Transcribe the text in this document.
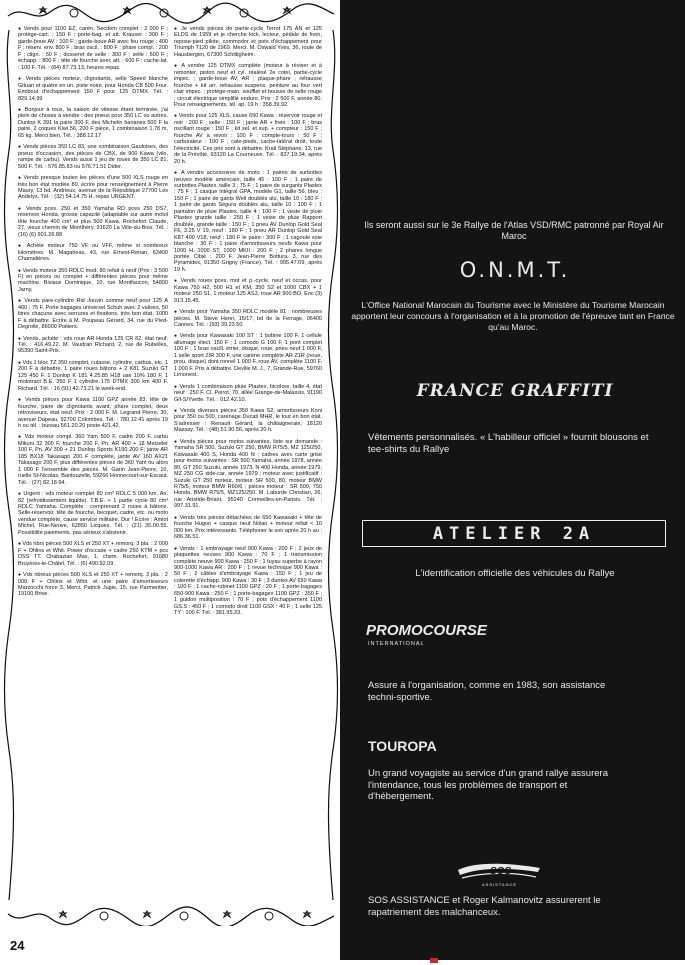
● Vends pour 1100 EZ, carén. Secdem complet : 2 000 F ; protège-cart. : 150 F ; porte-bag. et att. Krauser : 300 F ; garde-boue AV : 100 F ; garde-boue AR avec feu rouge : 400 F ; réserv. env. 800 F ; bras oscil. : 800 F ; phare compl. : 200 F ; clign. : 50 F ; dosseret de selle : 300 F ; selle : 500 F ; échapp. : 800 F ; tête de fourche avec att. : 600 F ; cache-lat. : 100 F. Tél. : (84) 87.73.13, heures repas.

● Vends pièces moteur, clignotants, selle Speed blanche Gituan et quatre en un, piste noire, pour Honda CB 500 Four. Emibout d'échappement 150 F pour 125 DTMX. Tél. : 829.14.99

● Bonjour à tous, la saison de vitesse étant terminée, j'ai plein de choses à vendre : des pneus pour 350 LC ou autres. Dunlop K 391 la paire 300 F, des Michelin bananes 500 F la paire, 2 coques Kiwi 56, 200 F pièce, 1 combinaison 1,78 m, 65 kg. Merci bien. Tél. : 388.12.17

● Vends pièces 350 LC 83, une combinaison Gauloises, des pneus d'occasion, des pièces de CBX, de 900 Kawa (vilo, rampe de carbu). Vends aussi 1 jeu de roues de 350 LC 81, 500 F. Tél. : 576.85.83 ou 576.71.51 Dider.

● Vends presque toutes les pièces d'une 500 XLS rouge en très bon état modèle 80, écrire pour renseignement à Pierre Maury, 13 bd. Andrieux, avenue de la République 27700 Les Andelys. Tél. : (32) 54.14.75 H. repas URGENT.

● Vends pces. 250 et 350 Yamaha RD pces 250 DS7, réservoir Honda, grosse capacité (adaptable sur autre motol tête fourche 400 cm³ et plus 500 Kawa. Rochefort Claude, 27, vieux chemin de Montlhéry, 91620 La Ville-du-Bois. Tél. : (16) (6) 901.26.88

● Achète moteur 750 VF ou VFF, même si nombreux kilomètres. M. Magaheas, 43, rue Ernest-Renan, 63400 Chamalières.

● Vends moteur 350 RDLC mod. 80 refait à neuf (Prix : 3 500 F) en pièces ou complet + différentes pièces pour même machine. Bisiaux Dominique, 10, rue Montfaucon, 54800 Jarny.

● Vends pare-cylindre Rid Jouvin comme neuf pour 125 A 400 : 75 F. Porte bagages universel Schuh avec 2 valises, 50 litres chacune avec serrures et fixations, très bon état, 1000 F à débattre. Ecrire à M. Poupeau Gérard, 34, rue du Pied-Degrolle, 86000 Poitiers.

● Vends, achète : vds roue AR Honda 125 CR 82, état neuf. Tél. : 416.49.22. M. Vaudran Richard, 2, rue de Rubelles, 95390 Saint-Prix.

● Vds 1 bloc TZ 350 complet, culasse, cylindre, carbus, etc. 1 200 F à débattre. 1 paire roues bâtons + 2 K81 Suzuki GT 125 450 F. 1 Dunlop K 181 4.25.85 H18 use 10% 180 F, 1 mototract B.E. 350 F 1 cylindre 175 DTMX 300 km 400 F. Richard. Tél. : 16 (91) 42.73.21 le week-end.

● Vends pièces pour Kawa 1100 GPZ année 83, tête de fourche, paire de clignotants avant, phare complet, deux rétroviseurs, état neuf. Prix : 2 000 F. M. Legrand Pierre, 30, avenue Dapeau, 92700 Colombes. Tél. : 780.12.41 après 19 h ou tél. : bureau 561.20.20 poste 421.42.

● Vds moteur compl. 360 Yam 500 F, cadre 200 F, carbu Mikuni 32 300 F, fourche 200 F, Pn. AR 400 + 18 Metzeler 100 F, Pn. AV 300 + 21 Dunlop Sports K190 200 F; jante AR 185 BX18 Takasago 200 F complète, jante AV 160 AX21 Takasago 200 F, plus différentes pièces de 360 Yam ou alors 1 000 F l'ensemble des pièces. M. Garin Jean-Pierre, 10, ruelle St-Nicolas, Bantouzelle, 59266 Honnecourt-sur-Escaut. Tél. : (27) 82.18.94.

● Urgent : vds moteur complet 80 cm³ RDLC 5 000 km. An. 82 (refroidissement liquide). T.B.E. + 1 partie cycle 80 cm³ RDLC Yamaha. Complète : comprenant 2 roues à bâtons. Selle-réservoir, tête de fourche, becquet, cadre, etc. ou moto vendue complète, cause service militaire. Dur ! Ecrire : Amiot Michel, Rue-Neuve, 62850 Licques. Tél. : (21) 35.00.55. Possibilité paiements, pas sérieux s'abstenir.

● Vds nbrs pièces 500 XLS et 250 XT + remorq. 3 pla. : 2 000 F + Ohlins et Whit. Power d'occase + cadre 250 KTM + pcs DSS TT. Chabazian Max, 1, chem. Rochefort, 91680 Bruyères-le-Châtel. Tél. : (6) 490.92.09.

● Vds nbreus pièces 500 XLS et 250 XT + remorq. 3 pla. : 2 000 F + Ohlins et Whit. et une paire d'amortisseurs Marzocchi force 3. Merci. Patrick Jugie, 15, rue Parmentier, 19100 Brive.

● Je vends pièces de partie-cycle Terrot 175 AN et 125 ELDS de 1959 et je cherche kick, lecteur, pédale de frein, repose-pied pilote, commodor et pots d'échappement pour Triumph T120 de 1969. Merci. M. Oswald Yves, 36, route de Hausbergen, 67300 Schiltigheim.

● A vendre 125 DTMX complète (moteur à réviser et à remonter, piston neuf et cyl. réalésé 2e cotel, partie-cycle impec. ; garde-boue AV, AR ; plaque-phare ; rehausse fourche + kit arr. rehausse suspens. peinture au four vert clair impec. ; protège-main, soufflet et housse de selle rouge ; circuit électrique simplifié enduro. Prix : 2 500 F, année 80. Pour renseignements, tél. ap. 19 h : 358.39.92.

● Vends pour 125 XLS, cause 650 Kawa : réservoir rouge et noir : 200 F ; selle : 150 F ; jante AR + frein : 100 F ; bras oscillant rouge : 150 F ; kit sel. et sup. + compteur : 150 F ; fourche AV à revoir : 100 F ; compte-tours : 50 F ; carburateur : 100 F ; cale-pieds, cache-latéral droit, toute l'électricité. Ces prix sont à débattre. Krali Stéphane, 13, rue de la Prévôté, 93120 La Courneuve. Tél. : 837.19.34, après 20 h.

● A vendre accessoires de moto : 1 paires de surbottes neuves modèle américain, taille 45 : 100 F ; 1 paire de surbottes Plastex, taille 3 : 75 F ; 1 paire de surgants Plastex : 75 F ; 1 casque intégral GPA, modèle G1, taille 56, bleu : 150 F ; 1 paire de gants Well doublés alu, taille 10 : 180 F ; 1 paire de gants Ségura doublés alu, taille 10 : 100 F ; 1 pantalon de pluie Plastex, taille 4 : 100 F ; 1 veste de pluie Plastex grande taille : 250 F ; 1 veste de pluie Rapport doublée, grande taille : 150 F ; 1 pneu AV Dunlop Gold Seal F6, 3.25 V 19, neuf : 180 F ; 1 pneu AR Dunlop Gold Seal K87 400 V18, neuf : 180 F le paire : 300 F ; 1 cagoule soie blanche : 30 F ; 1 paire d'amortisseurs neufs Kawa pour 1000 H, 1000 ST, 1000 MKII : 200 F ; 2 phares longue portée Cibié : 200 F. Jean-Pierre Bottura, 3, rue des Pyramides, 91350 Grigny (France). Tél. : 905.47.09, après 19 h.

● Vends roues pces. mot et p.-cycle, neuf et occas. pour Kawa 750 H2, 500 H1 et KM, 350 S2 et 1000 CBX + 1 moteur 250 S1, 1 moteur 125 AS3, roue AR 900 BO. Enc (3) 913.15.45.

● Vends pour Yamaha 350 RDLC modèle 81 : nombreuses pièces. M. Steve Henri, 15/17, bd de la Ferrage, 06400 Cannes. Tél. : (93) 39.23.50.

● Vends pour Kawasaki 100 ST : 1 bobine 100 F, 1 cellule allumage élect. 150 F ; 1 comodo G 100 F, 1 pont complet 100 F ; 1 bras oscill. étrier, disque, roue, pneu neuf 1 000 F, 1 selle sport ZIR 300 F, une carène complète AR Z1R (noue, prou. disque) dont ronnel 1 000 F, roue AV, complète 1100 F, 1 000 F. Prix à débattre. Deville M. J., 7, Grande-Rue, 59760 Limonest.

● Vends 1 combinaison pluie Plastex, bicolore, taille 4, état neuf : 250 F. Cl. Peirot, 70, allée Grange-de-Malassis, 91190 Gif-S/Yvette. Tél. : 012.42.10.

● Vends diverses pièces 350 Kawa S2, amortisseurs Koni pour 350 ou 500, carénage Ducati MHR, le tout en bon état. S'adresser : Renault Gérard, la châtaigneraie, 18120 Massay. Tél. : (48) 51.90.56, après 20 h.

● Vends pièces pour motos suivantes, liste sur demande : Yamaha SR 500, Suzuki GT 250, BMW R75/5, MZ 125/250, Kawasaki 400 S, Honda 400 N ; cadres avec carte grise pour motos suivantes : SR 500 Yamaha, année 1978, année 80, GT 250 Suzuki, année 1973, N 400 Honda, année 1979, MZ 250 CG side-car, année 1979 ; moteur avec justificatif : Suzuki GT 250 moteur, moteur SR 500, 80, moteur BMW R75/5, moteur BMW R60/6 ; pièces moteur : SR 500, 750 Honda, BMW R75/5, MZ125/250. M. Laburde Christian, 26, rue Aristide-Briant, 95240 Cormeilles-en-Parisis. Tél. : 997.31.91.

● Vends très pièces détachées de 650 Kawasaki + tête de fourche Hugon + casque neuf Nolan + moteur refait < 10 000 km. Prix intéressants. Téléphoner le soir après 20 h au : 686.36.51.

● Vends : 1 embrayage neuf 900 Kawa : 200 F ; 2 jeux de plaquettes neuves 900 Kawa : 70 F ; 1 transmission complète neuve 900 Kawa : 250 F ; 1 tuyau superbe à rayon 900-1000 Kawa AR : 200 F ; 1 revue technique 900 Kawa : 50 F ; 2 câbles d'embrayage Kawa : 150 F ; 1 jeu de colerette d'échapp. 900 Kawa : 30 F ; 3 durites AV 650 Kawa : 100 F ; 1 cache-robinet 1100 GPZ : 20 F ; 1 porte-bagages 650-900 Kawa : 250 F ; 1 porte-bagages 1100 GPZ : 350 F ; 1 guidon multiposition : 70 F ; pots d'échappement 1100 GS.S : 450 F ; 1 comodo droit 1100 GSX : 40 F ; 1 selle 125 TY : 100 F. Tél. : 381.95.33.

24
Ils seront aussi sur le 3e Rallye de l'Atlas VSD/RMC patronné par Royal Air Maroc
O.N.M.T.
L'Office National Marocain du Tourisme avec le Ministère du Tourisme Marocain apportent leur concours à l'organisation et à la promotion de l'épreuve tant en France qu'au Maroc.
FRANCE GRAFFITI
Vêtements personnalisés. « L'habilleur officiel » fournit blousons et tee-shirts du Rallye
ATELIER 2A
L'identification officielle des véhicules du Rallye
PROMOCOURSE
INTERNATIONAL
Assure à l'organisation, comme en 1983, son assistance techni-sportive.
TOUROPA
Un grand voyagiste au service d'un grand rallye assurera l'intendance, tous les problèmes de transport et d'hébergement.
SOS
ASSISTANCE
SOS ASSISTANCE et Roger Kalmanovitz assurerent le rapatriement des malchanceux.
